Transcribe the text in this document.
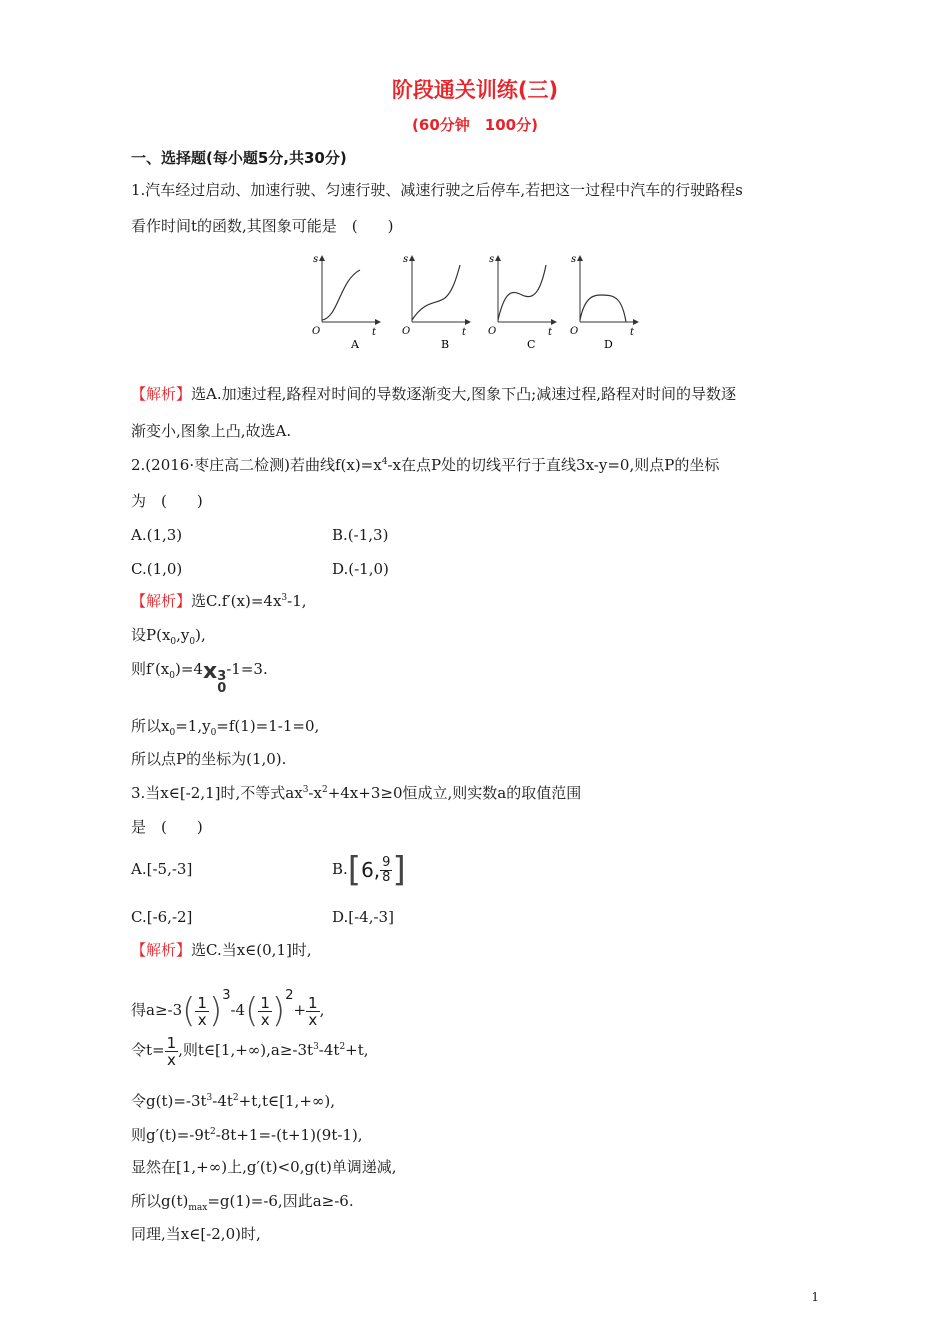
阶段通关训练(三)
(60分钟　100分)
一、选择题(每小题5分,共30分)
1.汽车经过启动、加速行驶、匀速行驶、减速行驶之后停车,若把这一过程中汽车的行驶路程s
看作时间t的函数,其图象可能是　(　　)
s
t
O
A
s
t
O
B
s
t
O
C
s
t
O
D
【解析】选A.加速过程,路程对时间的导数逐渐变大,图象下凸;减速过程,路程对时间的导数逐
渐变小,图象上凸,故选A.
2.(2016·枣庄高二检测)若曲线$f(x)=x^4-x$在点P处的切线平行于直线3x-y=0,则点P的坐标
为　(　　)
A.(1,3)	B.(-1,3)
C.(1,0)	D.(-1,0)
【解析】选$C.f'(x)=4x^3-1$,
设$P(x_0,y_0)$,
则$f'(x_0)=4x$ 3
0
-1=3.
所以$x_0=1,y_0=f(1)=1-1=0$,
所以点P的坐标为(1,0).
3.当x∈[-2,1]时,不等式$ax^3-x^2+4x+3\ge 0$恒成立,则实数a的取值范围
是　(　　)
A.[-5,-3]	B.[6, $\frac{9}{8}$ ]
C.[-6,-2]	D.[-4,-3]
【解析】选C.当x∈(0,1]时,
得$a\ge-3( \frac{1}{x} )3-4( \frac{1}{x} )2+ \frac{1}{x}$ ,
令$t= \frac{1}{x}$ ,则$t\in[1,+\infty),a\ge-3t^3-4t^2+t$,
令$g(t)=-3t^3-4t^2+t,t\in[1,+\infty)$,
则$g'(t)=-9t^2-8t+1=-(t+1)(9t-1)$,
显然在[1,+∞)上,g′(t)<0,g(t)单调递减,
所以$g(t)_{max}=g(1)=-6$,因此a≥-6.
同理,当x∈[-2,0)时,
1
